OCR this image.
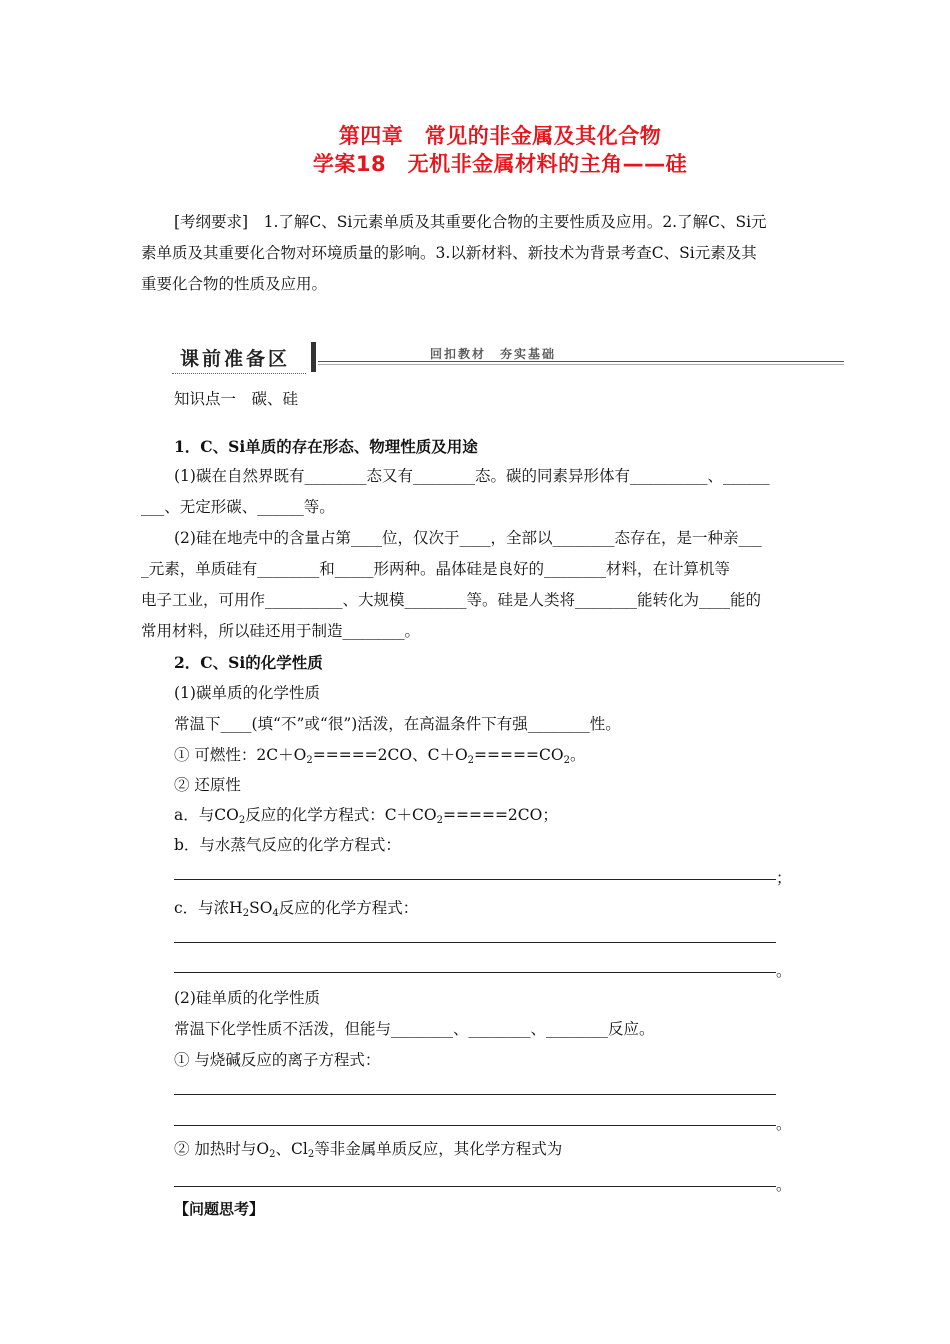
第四章　常见的非金属及其化合物
学案18　无机非金属材料的主角——硅
[考纲要求]　1.了解C、Si元素单质及其重要化合物的主要性质及应用。2.了解C、Si元
素单质及其重要化合物对环境质量的影响。3.以新材料、新技术为背景考查C、Si元素及其
重要化合物的性质及应用。
课前准备区	回扣教材　夯实基础
知识点一　碳、硅
1．C、Si单质的存在形态、物理性质及用途
(1)碳在自然界既有________态又有________态。碳的同素异形体有__________、______
___、无定形碳、______等。
(2)硅在地壳中的含量占第____位，仅次于____，全部以________态存在，是一种亲___
_元素，单质硅有________和_____形两种。晶体硅是良好的________材料，在计算机等
电子工业，可用作__________、大规模________等。硅是人类将________能转化为____能的
常用材料，所以硅还用于制造________。
2．C、Si的化学性质
(1)碳单质的化学性质
常温下____(填“不”或“很”)活泼，在高温条件下有强________性。
① 可燃性：$2C+O_2=====2CO$、$C+O_2=====CO_2$。
② 还原性
a．与$CO_2$反应的化学方程式：$C+CO_2=====2CO$；
b．与水蒸气反应的化学方程式：
；
c．与浓$H_2SO_4$反应的化学方程式：
。
(2)硅单质的化学性质
常温下化学性质不活泼，但能与________、________、________反应。
① 与烧碱反应的离子方程式：
。
② 加热时与$O_2$、$Cl_2$等非金属单质反应，其化学方程式为
。
【问题思考】
